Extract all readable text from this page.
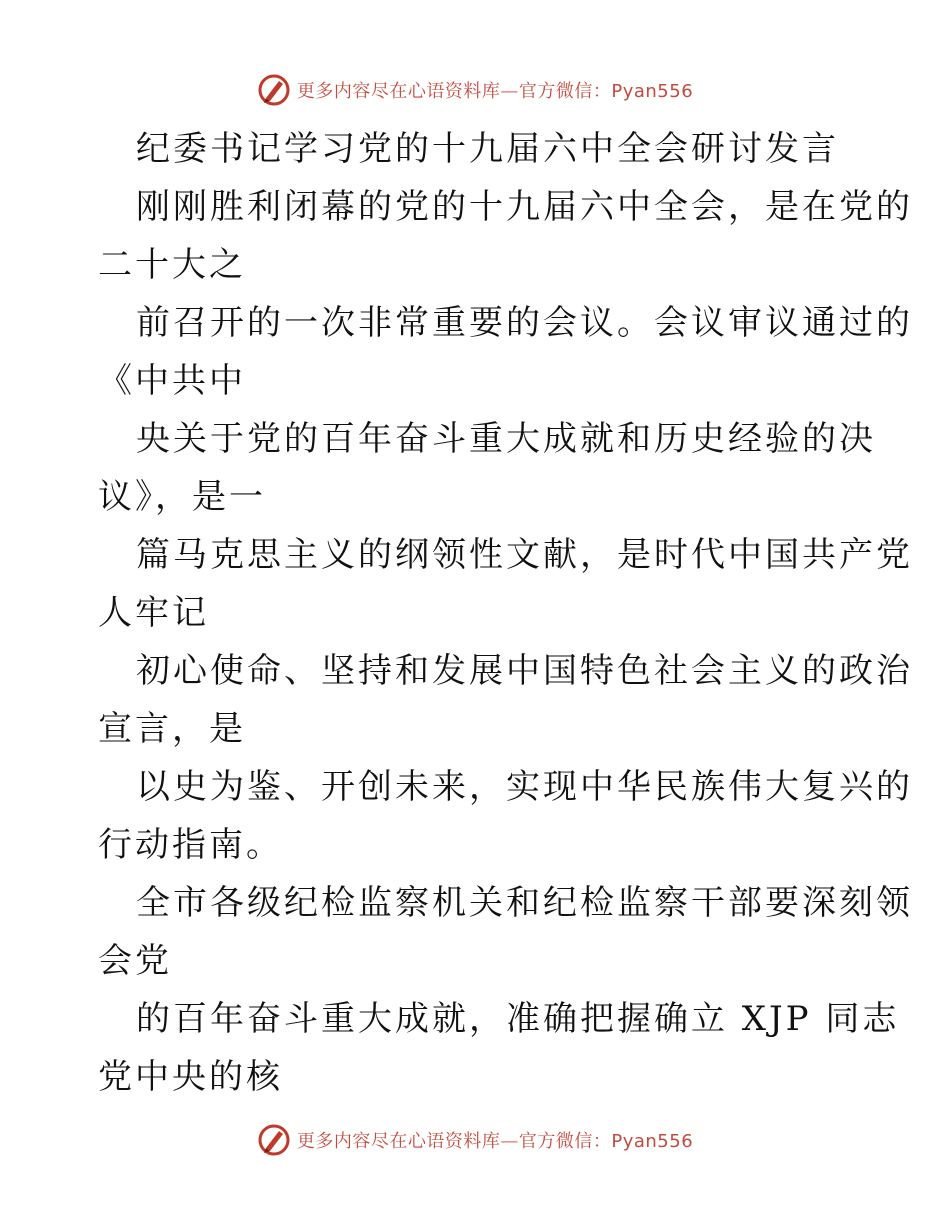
更多内容尽在心语资料库—官方微信：Pyan556
纪委书记学习党的十九届六中全会研讨发言
刚刚胜利闭幕的党的十九届六中全会，是在党的
二十大之
前召开的一次非常重要的会议。会议审议通过的
《中共中
央关于党的百年奋斗重大成就和历史经验的决
议》，是一
篇马克思主义的纲领性文献，是时代中国共产党
人牢记
初心使命、坚持和发展中国特色社会主义的政治
宣言，是
以史为鉴、开创未来，实现中华民族伟大复兴的
行动指南。
全市各级纪检监察机关和纪检监察干部要深刻领
会党
的百年奋斗重大成就，准确把握确立 XJP 同志
党中央的核
更多内容尽在心语资料库—官方微信：Pyan556
